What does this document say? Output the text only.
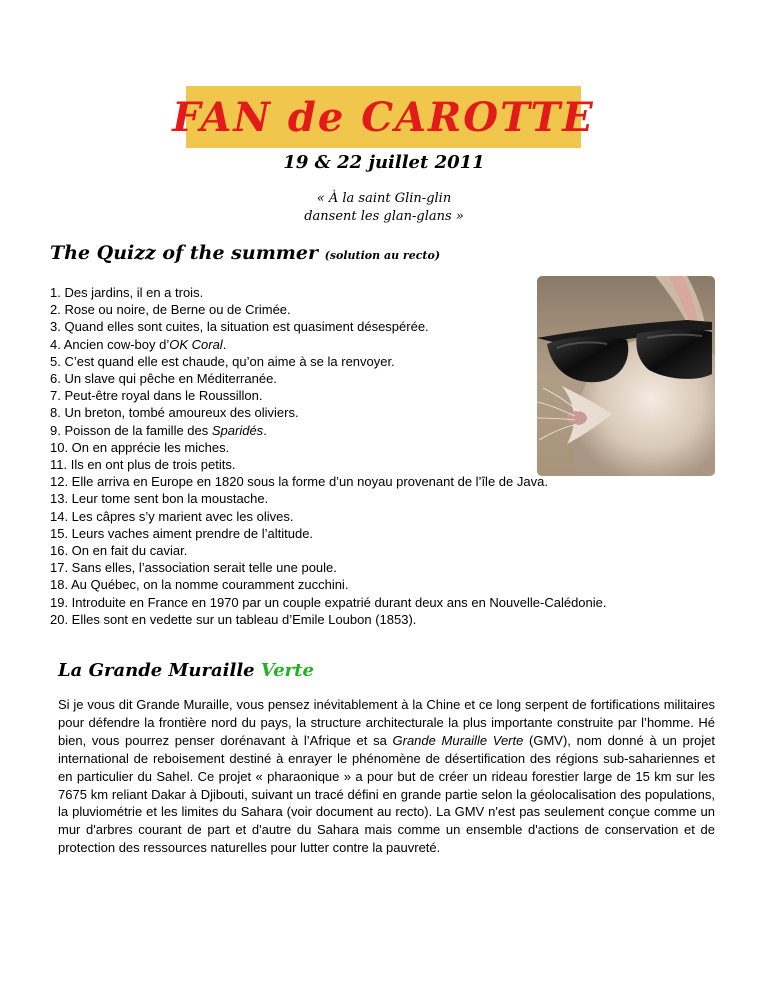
FAN de CAROTTE
19 & 22 juillet 2011
« À la saint Glin-glin
dansent les glan-glans »
The Quizz of the summer (solution au recto)
1. Des jardins, il en a trois.
2. Rose ou noire, de Berne ou de Crimée.
3. Quand elles sont cuites, la situation est quasiment désespérée.
4. Ancien cow-boy d’OK Coral.
5. C’est quand elle est chaude, qu’on aime à se la renvoyer.
6. Un slave qui pêche en Méditerranée.
7. Peut-être royal dans le Roussillon.
8. Un breton, tombé amoureux des oliviers.
9. Poisson de la famille des Sparidés.
10. On en apprécie les miches.
11. Ils en ont plus de trois petits.
12. Elle arriva en Europe en 1820 sous la forme d’un noyau provenant de l’île de Java.
13. Leur tome sent bon la moustache.
14. Les câpres s’y marient avec les olives.
15. Leurs vaches aiment prendre de l’altitude.
16. On en fait du caviar.
17. Sans elles, l’association serait telle une poule.
18. Au Québec, on la nomme couramment zucchini.
19. Introduite en France en 1970 par un couple expatrié durant deux ans en Nouvelle-Calédonie.
20. Elles sont en vedette sur un tableau d’Emile Loubon (1853).
La Grande Muraille Verte

Si je vous dit Grande Muraille, vous pensez inévitablement à la Chine et ce long serpent de fortifications militaires pour défendre la frontière nord du pays, la structure architecturale la plus importante construite par l’homme. Hé bien, vous pourrez penser dorénavant à l’Afrique et sa Grande Muraille Verte (GMV), nom donné à un projet international de reboisement destiné à enrayer le phénomène de désertification des régions sub-sahariennes et en particulier du Sahel. Ce projet « pharaonique » a pour but de créer un rideau forestier large de 15 km sur les 7675 km reliant Dakar à Djibouti, suivant un tracé défini en grande partie selon la géolocalisation des populations, la pluviométrie et les limites du Sahara (voir document au recto). La GMV n'est pas seulement conçue comme un mur d'arbres courant de part et d'autre du Sahara mais comme un ensemble d'actions de conservation et de protection des ressources naturelles pour lutter contre la pauvreté.
